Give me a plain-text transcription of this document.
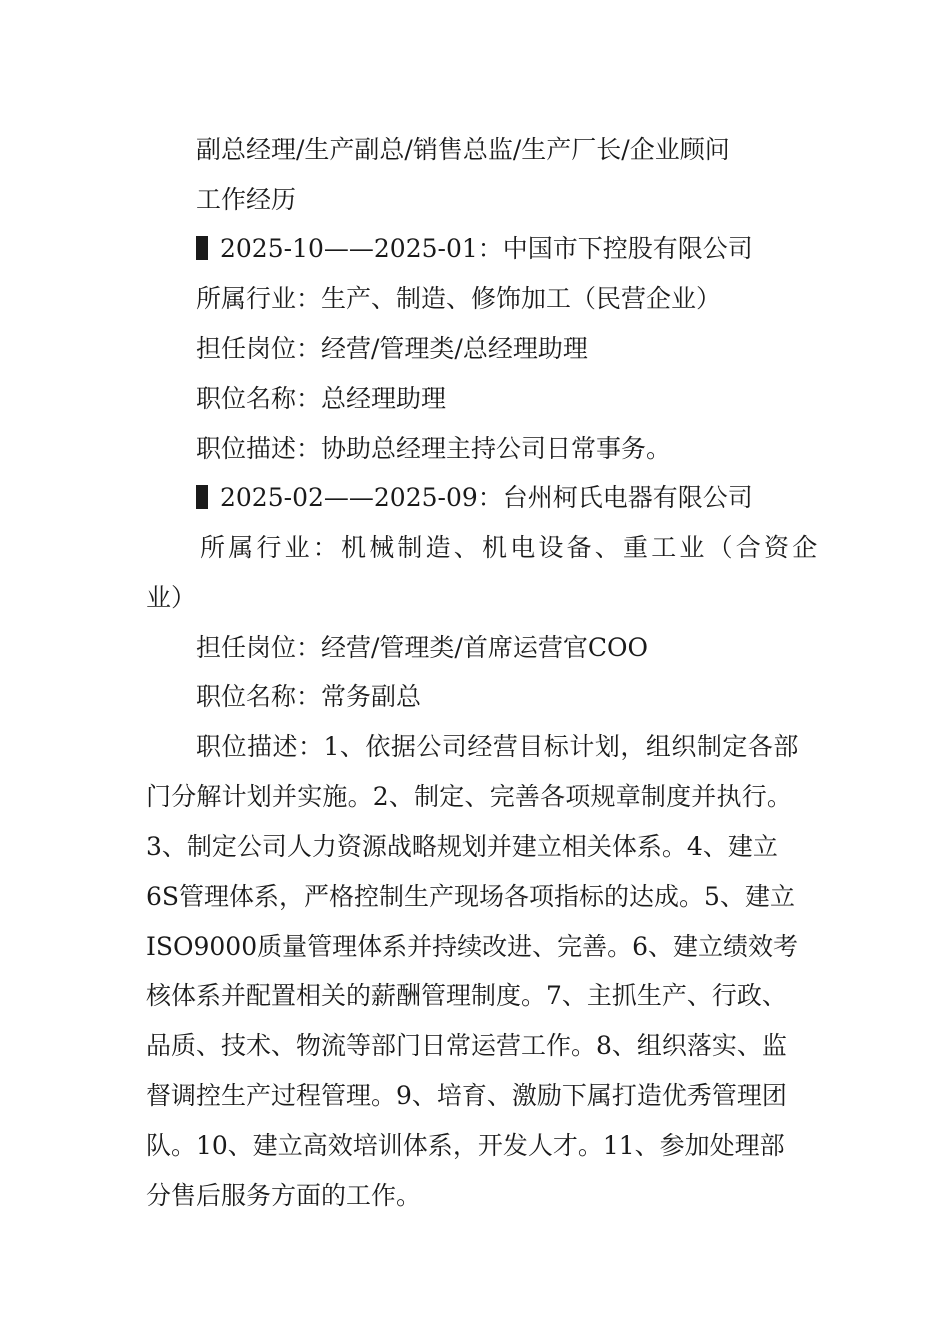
副总经理/生产副总/销售总监/生产厂长/企业顾问
工作经历
2025-10——2025-01：中国市下控股有限公司
所属行业：生产、制造、修饰加工（民营企业）
担任岗位：经营/管理类/总经理助理
职位名称：总经理助理
职位描述：协助总经理主持公司日常事务。
2025-02——2025-09：台州柯氏电器有限公司
所属行业：机械制造、机电设备、重工业（合资企
业）
担任岗位：经营/管理类/首席运营官COO
职位名称：常务副总
职位描述：1、依据公司经营目标计划，组织制定各部
门分解计划并实施。2、制定、完善各项规章制度并执行。
3、制定公司人力资源战略规划并建立相关体系。4、建立
6S管理体系，严格控制生产现场各项指标的达成。5、建立
ISO9000质量管理体系并持续改进、完善。6、建立绩效考
核体系并配置相关的薪酬管理制度。7、主抓生产、行政、
品质、技术、物流等部门日常运营工作。8、组织落实、监
督调控生产过程管理。9、培育、激励下属打造优秀管理团
队。10、建立高效培训体系，开发人才。11、参加处理部
分售后服务方面的工作。
